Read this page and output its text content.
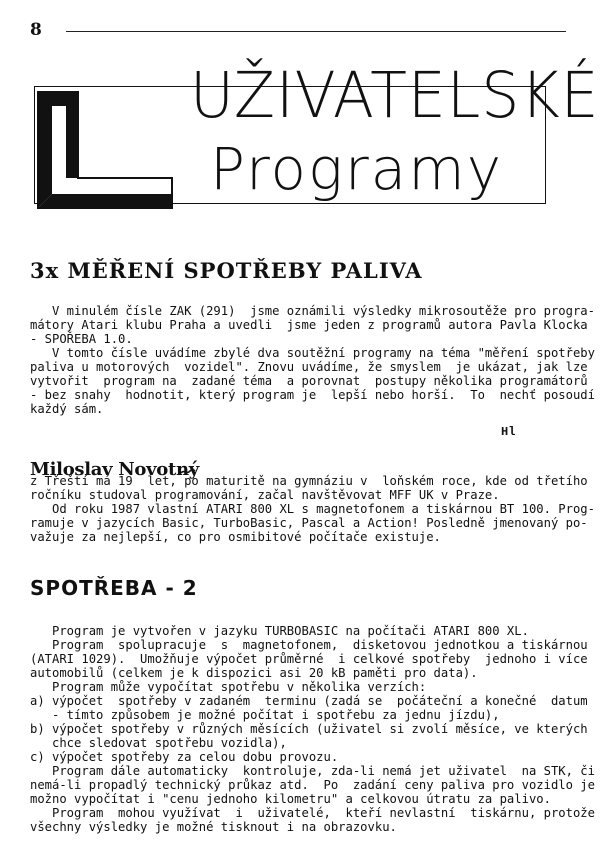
8
UŽIVATELSKÉ
Programy
3x MĚŘENÍ SPOTŘEBY PALIVA
V minulém čísle ZAK (291)  jsme oznámili výsledky mikrosoutěže pro progra-
mátory Atari klubu Praha a uvedli  jsme jeden z programů autora Pavla Klocka
- SPOŘEBA 1.0.
V tomto čísle uvádíme zbylé dva soutěžní programy na téma "měření spotřeby
paliva u motorových  vozidel". Znovu uvádíme, že smyslem  je ukázat, jak lze
vytvořit  program na  zadané téma  a porovnat  postupy několika programátorů
- bez snahy  hodnotit, který program je  lepší nebo horší.  To  nechť posoudí
každý sám.
Hl
Miloslav Novotný
z Třeští má 19  let, po maturitě na gymnáziu v  loňském roce, kde od třetího
ročníku studoval programování, začal navštěvovat MFF UK v Praze.
Od roku 1987 vlastní ATARI 800 XL s magnetofonem a tiskárnou BT 100. Prog-
ramuje v jazycích Basic, TurboBasic, Pascal a Action! Posledně jmenovaný po-
važuje za nejlepší, co pro osmibitové počítače existuje.
SPOTŘEBA - 2
Program je vytvořen v jazyku TURBOBASIC na počítači ATARI 800 XL.
Program  spolupracuje  s  magnetofonem,  disketovou jednotkou a tiskárnou
(ATARI 1029).  Umožňuje výpočet průměrné  i celkové spotřeby  jednoho i více
automobilů (celkem je k dispozici asi 20 kB paměti pro data).
Program může vypočítat spotřebu v několika verzích:
a) výpočet  spotřeby v zadaném  terminu (zadá se  počáteční a konečné  datum
- tímto způsobem je možné počítat i spotřebu za jednu jízdu),
b) výpočet spotřeby v různých měsících (uživatel si zvolí měsíce, ve kterých
chce sledovat spotřebu vozidla),
c) výpočet spotřeby za celou dobu provozu.
Program dále automaticky  kontroluje, zda-li nemá jet uživatel  na STK, či
nemá-li propadlý technický průkaz atd.  Po  zadání ceny paliva pro vozidlo je
možno vypočítat i "cenu jednoho kilometru" a celkovou útratu za palivo.
Program  mohou využívat  i  uživatelé,  kteří nevlastní  tiskárnu, protože
všechny výsledky je možné tisknout i na obrazovku.
